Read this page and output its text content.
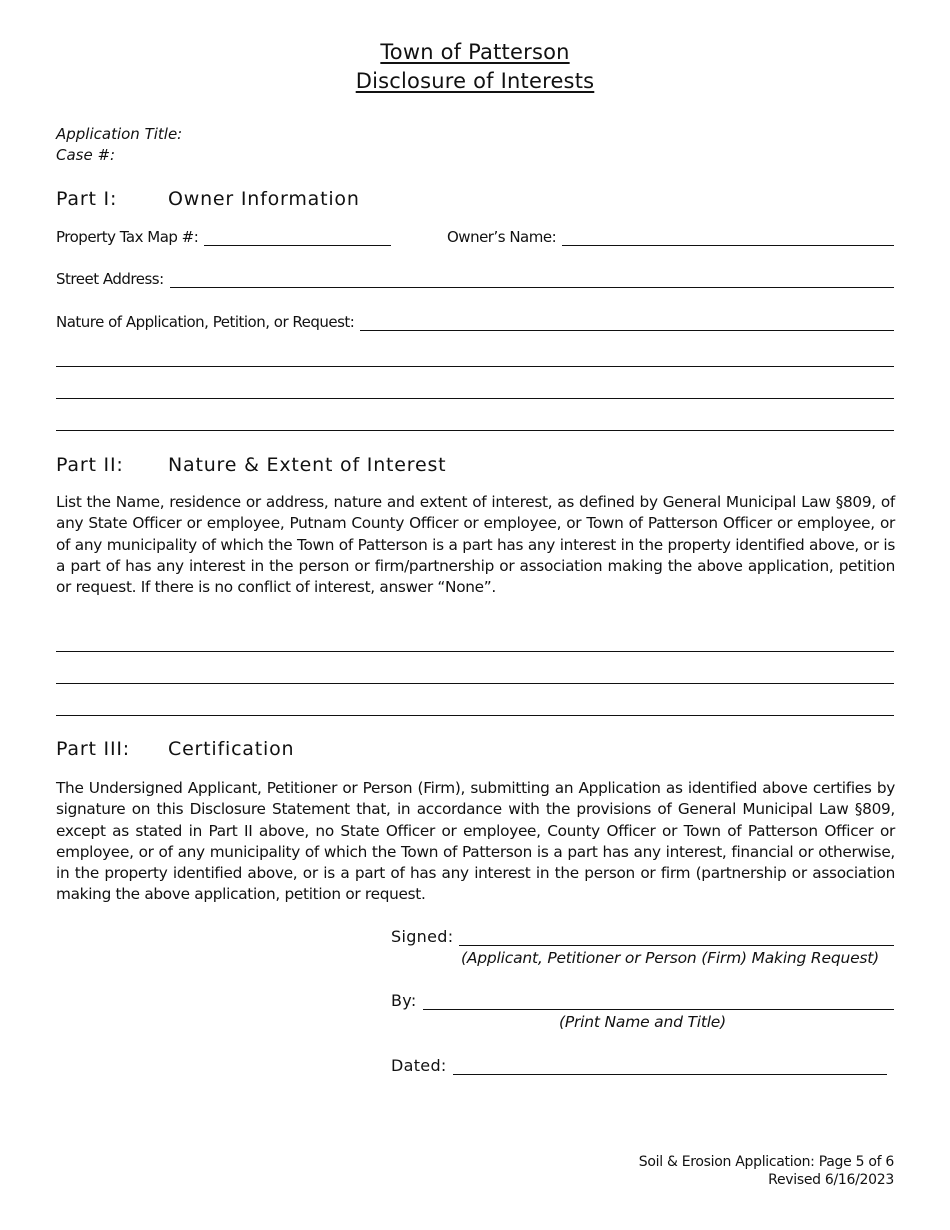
Town of Patterson
Disclosure of Interests
Application Title:
Case #:
Part I:	Owner Information
Property Tax Map #:	Owner’s Name:
Street Address:
Nature of Application, Petition, or Request:
Part II: Nature & Extent of Interest
List the Name, residence or address, nature and extent of interest, as defined by General Municipal Law §809, of any State Officer or employee, Putnam County Officer or employee, or Town of Patterson Officer or employee, or of any municipality of which the Town of Patterson is a part has any interest in the property identified above, or is a part of has any interest in the person or firm/partnership or association making the above application, petition or request. If there is no conflict of interest, answer “None”.
Part III: Certification
The Undersigned Applicant, Petitioner or Person (Firm), submitting an Application as identified above certifies by signature on this Disclosure Statement that, in accordance with the provisions of General Municipal Law §809, except as stated in Part II above, no State Officer or employee, County Officer or Town of Patterson Officer or employee, or of any municipality of which the Town of Patterson is a part has any interest, financial or otherwise, in the property identified above, or is a part of has any interest in the person or firm (partnership or association making the above application, petition or request.
Signed:
(Applicant, Petitioner or Person (Firm) Making Request)
By:
(Print Name and Title)
Dated:
Soil & Erosion Application: Page 5 of 6
Revised 6/16/2023
